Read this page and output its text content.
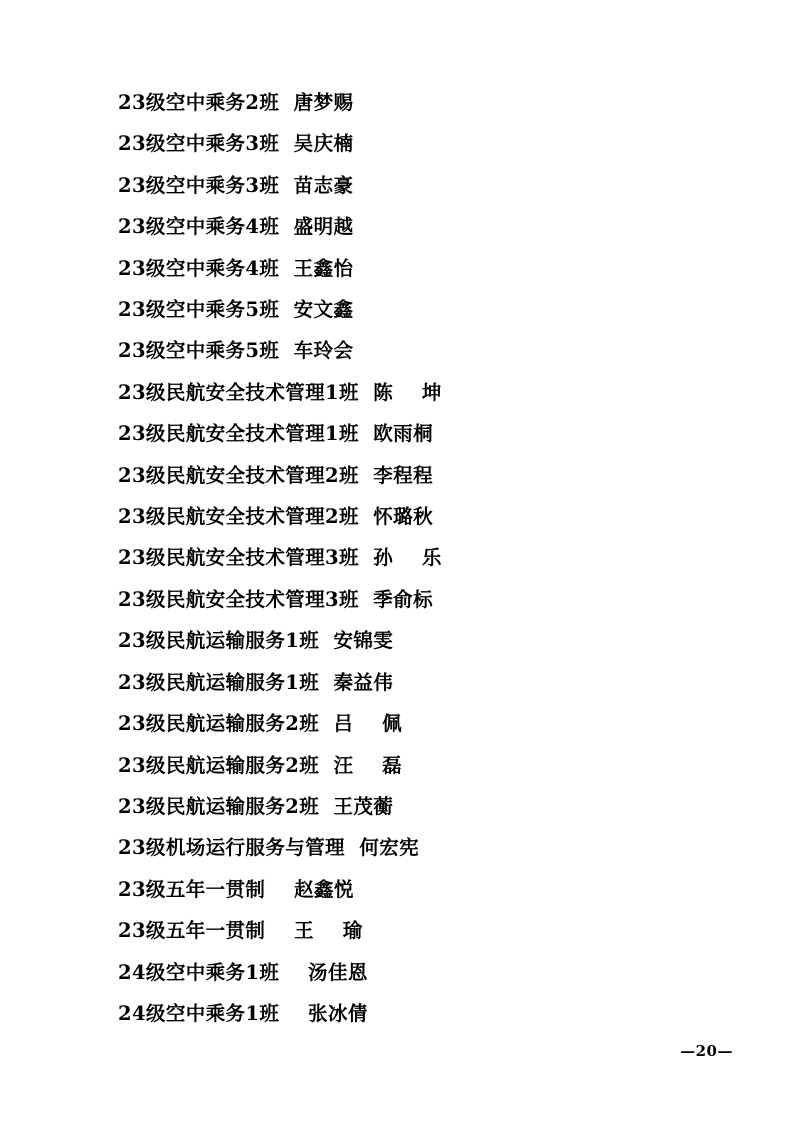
23级空中乘务2班  唐梦赐
23级空中乘务3班  吴庆楠
23级空中乘务3班  苗志豪
23级空中乘务4班  盛明越
23级空中乘务4班  王鑫怡
23级空中乘务5班  安文鑫
23级空中乘务5班  车玲会
23级民航安全技术管理1班  陈    坤
23级民航安全技术管理1班  欧雨桐
23级民航安全技术管理2班  李程程
23级民航安全技术管理2班  怀璐秋
23级民航安全技术管理3班  孙    乐
23级民航安全技术管理3班  季俞标
23级民航运输服务1班  安锦雯
23级民航运输服务1班  秦益伟
23级民航运输服务2班  吕    佩
23级民航运输服务2班  汪    磊
23级民航运输服务2班  王茂蘅
23级机场运行服务与管理  何宏宪
23级五年一贯制    赵鑫悦
23级五年一贯制    王    瑜
24级空中乘务1班    汤佳恩
24级空中乘务1班    张冰倩
—20—
